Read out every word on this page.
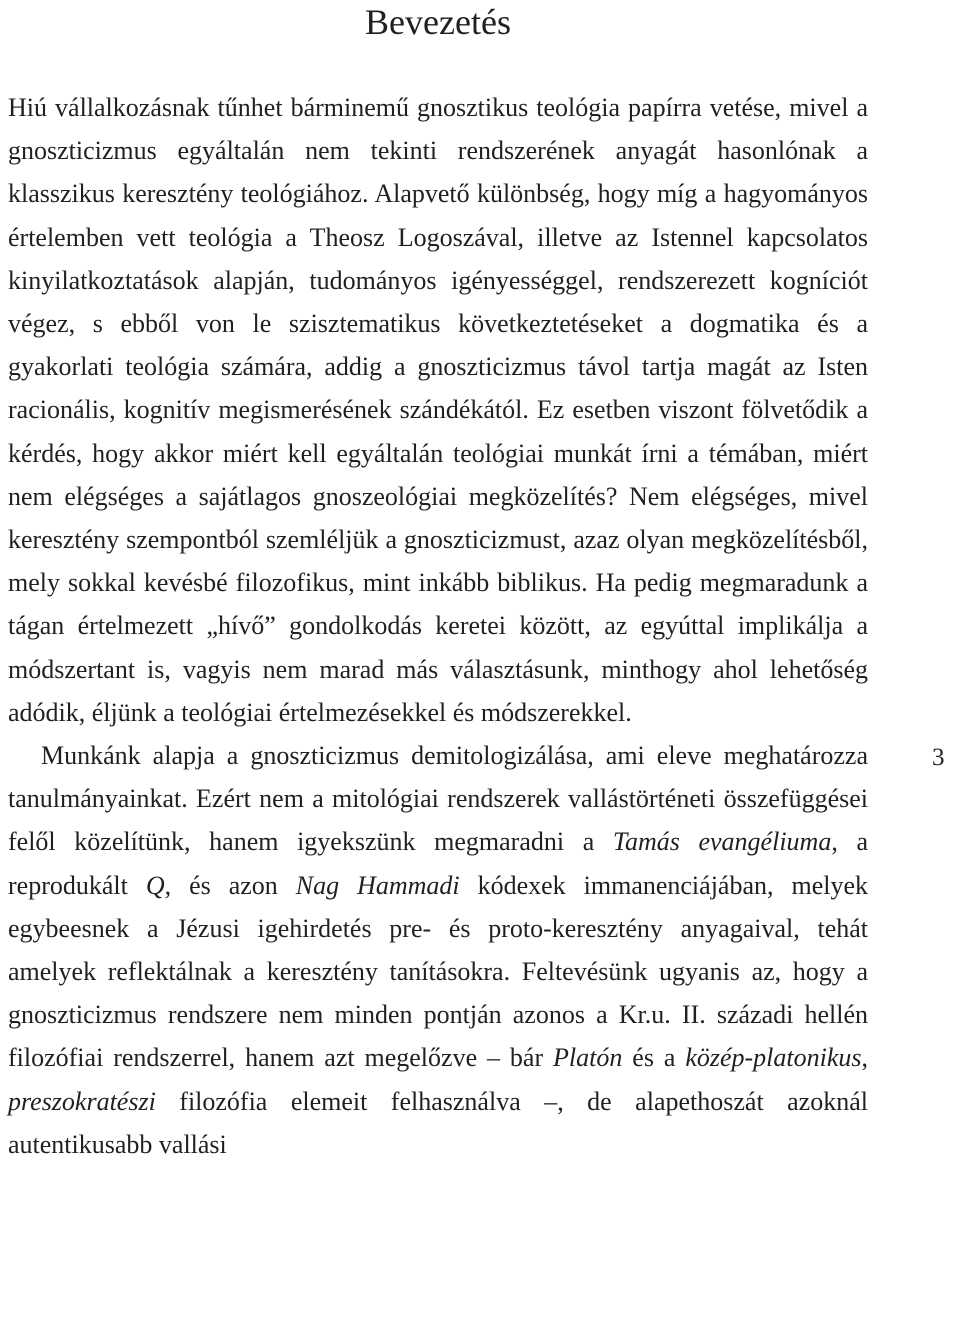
Bevezetés

Hiú vállalkozásnak tűnhet bárminemű gnosztikus teológia papírra vetése, mivel a gnoszticizmus egyáltalán nem tekinti rendszerének anyagát hasonlónak a klasszikus keresztény teológiához. Alapvető különbség, hogy míg a hagyományos értelemben vett teológia a Theosz Logoszával, illetve az Istennel kapcsolatos kinyilatkoztatások alapján, tudományos igényességgel, rendszerezett kogníciót végez, s ebből von le szisztematikus következtetéseket a dogmatika és a gyakorlati teológia számára, addig a gnoszticizmus távol tartja magát az Isten racionális, kognitív megismerésének szándékától. Ez esetben viszont fölvetődik a kérdés, hogy akkor miért kell egyáltalán teológiai munkát írni a témában, miért nem elégséges a sajátlagos gnoszeológiai megközelítés? Nem elégséges, mivel keresztény szempontból szemléljük a gnoszticizmust, azaz olyan megközelítésből, mely sokkal kevésbé filozofikus, mint inkább biblikus. Ha pedig megmaradunk a tágan értelmezett „hívő” gondolkodás keretei között, az egyúttal implikálja a módszertant is, vagyis nem marad más választásunk, minthogy ahol lehetőség adódik, éljünk a teológiai értelmezésekkel és módszerekkel.

Munkánk alapja a gnoszticizmus demitologizálása, ami eleve meghatározza tanulmányainkat. Ezért nem a mitológiai rendszerek vallástörténeti összefüggései felől közelítünk, hanem igyekszünk megmaradni a Tamás evangéliuma, a reprodukált Q, és azon Nag Hammadi kódexek immanenciájában, melyek egybeesnek a Jézusi igehirdetés pre- és proto-keresztény anyagaival, tehát amelyek reflektálnak a keresztény tanításokra. Feltevésünk ugyanis az, hogy a gnoszticizmus rendszere nem minden pontján azonos a Kr.u. II. századi hellén filozófiai rendszerrel, hanem azt megelőzve – bár Platón és a közép-platonikus, preszokratészi filozófia elemeit felhasználva –, de alapethoszát azoknál autentikusabb vallási

3
